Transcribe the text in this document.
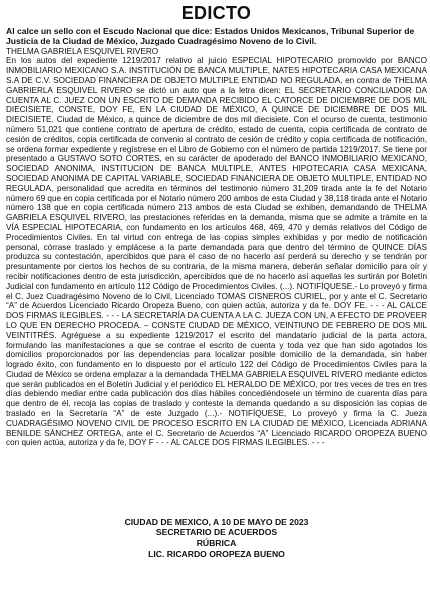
EDICTO
Al calce un sello con el Escudo Nacional que dice: Estados Unidos Mexicanos, Tribunal Superior de
Justicia de la Ciudad de México, Juzgado Cuadragésimo Noveno de lo Civil.
THELMA GABRIELA ESQUIVEL RIVERO
En los autos del expediente 1219/2017 relativo al juicio ESPECIAL HIPOTECARIO promovido por BANCO INMOBILIARIO MEXICANO S.A. INSTITUCIÓN DE BANCA MULTIPLE, NATES HIPOTECARIA CASA MEXICANA S.A DE C.V. SOCIEDAD FINANCIERA DE OBJETO MULTIPLE ENTIDAD NO REGULADA, en contra de THELMA GABRIERLA ESQUIVEL RIVERO se dictó un auto que a la letra dicen: EL SECRETARIO CONCILIADOR DA CUENTA AL C. JUEZ CON UN ESCRITO DE DEMANDA RECIBIDO EL CATORCE DE DICIEMBRE DE DOS MIL DIECISIETE, CONSTE, DOY FE, EN LA CIUDAD DE MÉXICO, A QUINCE DE DICIEMBRE DE DOS MIL DIECISIETE. Ciudad de México, a quince de diciembre de dos mil diecisiete. Con el ocurso de cuenta, testimonio número 51,021 que contiene contrato de apertura de crédito, estado de cuenta, copia certificada de contrato de cesión de créditos, copia certificada de convenio al contrato de cesión de crédito y copia certificada de notificación, se ordena formar expediente y regístrese en el Libro de Gobierno con el número de partida 1219/2017. Se tiene por presentado a GUSTAVO SOTO CORTES, en su carácter de apoderado del BANCO INMOBILIARIO MEXICANO, SOCIEDAD ANONIMA, INSTITUCION DE BANCA MULTIPLE, ANTES HIPOTECARIA CASA MEXICANA, SOCIEDAD ANONIMA DE CAPITAL VARIABLE, SOCIEDAD FINANCIERA DE OBJETO MULTIPLE, ENTIDAD NO REGULADA, personalidad que acredita en términos del testimonio número 31,209 tirada ante la fe del Notario número 69 que en copia certificada por el Notario número 200 ambos de esta Ciudad y 38,118 tirada ante el Notario número 138 que en copia certificada número 213 ambos de esta Ciudad se exhiben, demandando de THELMA GABRIELA ESQUIVEL RIVERO, las prestaciones referidas en la demanda, misma que se admite a trámite en la VÍA ESPECIAL HIPOTECARIA, con fundamento en los artículos 468, 469, 470 y demás relativos del Código de Procedimientos Civiles. En tal virtud con entrega de las copias simples exhibidas y por medio de notificación personal, córrase traslado y emplácese a la parte demandada para que dentro del término de QUINCE DÍAS produzca su contestación, apercibidos que para el caso de no hacerlo así perderá su derecho y se tendrán por presuntamente por ciertos los hechos de su contraria, de la misma manera, deberán señalar domicilio para oír y recibir notificaciones dentro de esta jurisdicción, apercibidos que de no hacerlo así aquellas les surtirán por Boletín Judicial con fundamento en artículo 112 Código de Procedimientos Civiles. (...). NOTIFÍQUESE.- Lo proveyó y firma el C. Juez Cuadragésimo Noveno de lo Civil, Licenciado TOMAS CISNEROS CURIEL, por y ante el C. Secretario “A” de Acuerdos Licenciado Ricardo Oropeza Bueno, con quien actúa, autoriza y da fe. DOY FE. - - - AL CALCE DOS FIRMAS ILEGIBLES. - - - LA SECRETARÍA DA CUENTA A LA C. JUEZA CON UN, A EFECTO DE PROVEER LO QUE EN DERECHO PROCEDA. – CONSTE CIUDAD DE MÉXICO, VEINTIUNO DE FEBRERO DE DOS MIL VEINTITRÉS. Agréguese a su expediente 1219/2017 el escrito del mandatario judicial de la parta actora, formulando las manifestaciones a que se contrae el escrito de cuenta y toda vez que han sido agotados los domicilios proporcionados por las dependencias para localizar posible domicilio de la demandada, sin haber logrado éxito, con fundamento en lo dispuesto por el artículo 122 del Código de Procedimientos Civiles para la Ciudad de México se ordena emplazar a la demandada THELMA GABRIELA ESQUIVEL RIVERO mediante edictos que serán publicados en el Boletín Judicial y el periódico EL HERALDO DE MÉXICO, por tres veces de tres en tres días debiendo mediar entre cada publicación dos días hábiles concediéndosele un término de cuarenta días para que dentro de él, recoja las copias de traslado y conteste la demanda quedando a su disposición las copias de traslado en la Secretaría “A” de este Juzgado (...).- NOTIFÍQUESE, Lo proveyó y firma la C. Jueza CUADRAGÉSIMO NOVENO CIVIL DE PROCESO ESCRITO EN LA CIUDAD DE MÉXICO, Licenciada ADRIANA BENILDE SÁNCHEZ ORTEGA, ante el C. Secretario de Acuerdos “A” Licenciado RICARDO OROPEZA BUENO con quien actúa, autoriza y da fe, DOY F - - - AL CALCE DOS FIRMAS ILEGIBLES. - - -
CIUDAD DE MEXICO, A 10 DE MAYO DE 2023
SECRETARIO DE ACUERDOS
RÚBRICA
LIC. RICARDO OROPEZA BUENO
